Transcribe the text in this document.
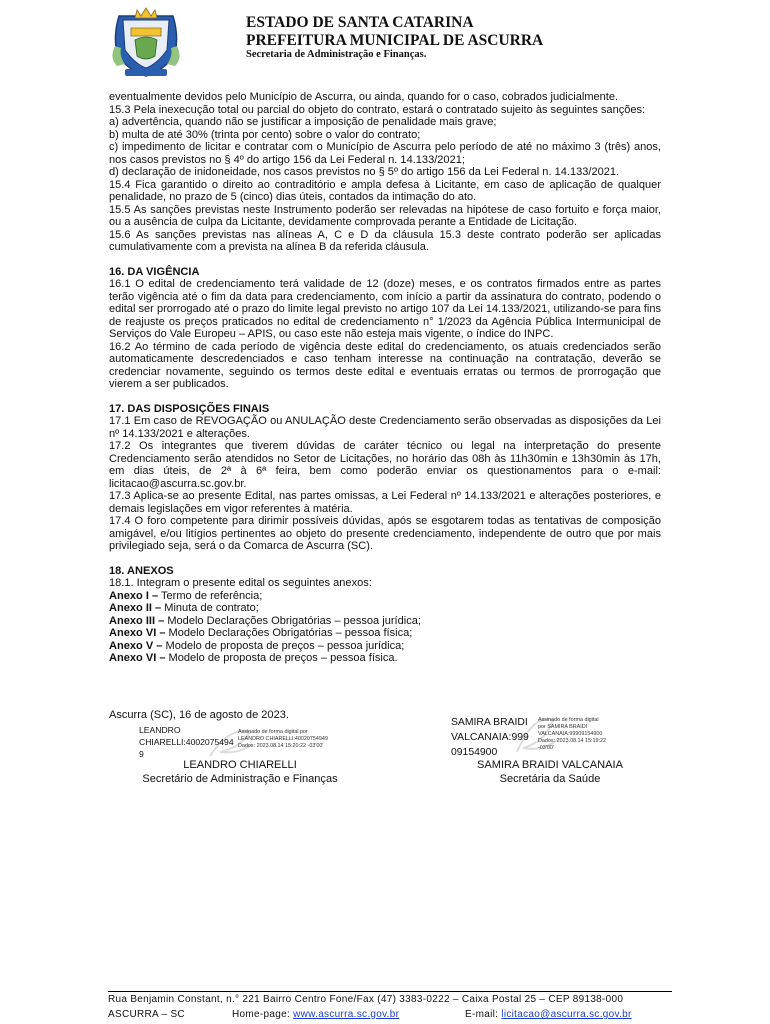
ESTADO DE SANTA CATARINA
PREFEITURA MUNICIPAL DE ASCURRA
Secretaria de Administração e Finanças.

eventualmente devidos pelo Município de Ascurra, ou ainda, quando for o caso, cobrados judicialmente.

15.3 Pela inexecução total ou parcial do objeto do contrato, estará o contratado sujeito às seguintes sanções:

a) advertência, quando não se justificar a imposição de penalidade mais grave;

b) multa de até 30% (trinta por cento) sobre o valor do contrato;

c) impedimento de licitar e contratar com o Município de Ascurra pelo período de até no máximo 3 (três) anos, nos casos previstos no § 4º do artigo 156 da Lei Federal n. 14.133/2021;

d) declaração de inidoneidade, nos casos previstos no § 5º do artigo 156 da Lei Federal n. 14.133/2021.

15.4 Fica garantido o direito ao contraditório e ampla defesa à Licitante, em caso de aplicação de qualquer penalidade, no prazo de 5 (cinco) dias úteis, contados da intimação do ato.

15.5 As sanções previstas neste Instrumento poderão ser relevadas na hipótese de caso fortuito e força maior, ou a ausência de culpa da Licitante, devidamente comprovada perante a Entidade de Licitação.

15.6 As sanções previstas nas alíneas A, C e D da cláusula 15.3 deste contrato poderão ser aplicadas cumulativamente com a prevista na alínea B da referida cláusula.

16. DA VIGÊNCIA

16.1 O edital de credenciamento terá validade de 12 (doze) meses, e os contratos firmados entre as partes terão vigência até o fim da data para credenciamento, com início a partir da assinatura do contrato, podendo o edital ser prorrogado até o prazo do limite legal previsto no artigo 107 da Lei 14.133/2021, utilizando-se para fins de reajuste os preços praticados no edital de credenciamento n° 1/2023 da Agência Pública Intermunicipal de Serviços do Vale Europeu – APIS, ou caso este não esteja mais vigente, o índice do INPC.

16.2 Ao término de cada período de vigência deste edital do credenciamento, os atuais credenciados serão automaticamente descredenciados e caso tenham interesse na continuação na contratação, deverão se credenciar novamente, seguindo os termos deste edital e eventuais erratas ou termos de prorrogação que vierem a ser publicados.

17. DAS DISPOSIÇÕES FINAIS

17.1 Em caso de REVOGAÇÃO ou ANULAÇÃO deste Credenciamento serão observadas as disposições da Lei nº 14.133/2021 e alterações.

17.2 Os integrantes que tiverem dúvidas de caráter técnico ou legal na interpretação do presente Credenciamento serão atendidos no Setor de Licitações, no horário das 08h às 11h30min e 13h30min às 17h, em dias úteis, de 2ª à 6ª feira, bem como poderão enviar os questionamentos para o e-mail: licitacao@ascurra.sc.gov.br.

17.3 Aplica-se ao presente Edital, nas partes omissas, a Lei Federal nº 14.133/2021 e alterações posteriores, e demais legislações em vigor referentes à matéria.

17.4 O foro competente para dirimir possíveis dúvidas, após se esgotarem todas as tentativas de composição amigável, e/ou litígios pertinentes ao objeto do presente credenciamento, independente de outro que por mais privilegiado seja, será o da Comarca de Ascurra (SC).

18. ANEXOS

18.1. Integram o presente edital os seguintes anexos:

Anexo I – Termo de referência;

Anexo II – Minuta de contrato;

Anexo III – Modelo Declarações Obrigatórias – pessoa jurídica;

Anexo VI – Modelo Declarações Obrigatórias – pessoa física;

Anexo V – Modelo de proposta de preços – pessoa jurídica;

Anexo VI – Modelo de proposta de preços – pessoa física.

Ascurra (SC), 16 de agosto de 2023.
LEANDRO
CHIARELLI:4002075494
9
Assinado de forma digital por
LEANDRO CHIARELLI:40020754949
Dados: 2023.08.14 15:20:22 -03'00'
SAMIRA BRAIDI
VALCANAIA:999
09154900
Assinado de forma digital
por SAMIRA BRAIDI
VALCANAIA:99909154900
Dados: 2023.08.14 15:19:22
-03'00'
LEANDRO CHIARELLI
Secretário de Administração e Finanças
SAMIRA BRAIDI VALCANAIA
Secretária da Saúde
Rua Benjamin Constant, n.° 221 Bairro Centro Fone/Fax (47) 3383-0222 – Caixa Postal 25 – CEP 89138-000
ASCURRA – SC	Home-page: www.ascurra.sc.gov.br	E-mail: licitacao@ascurra.sc.gov.br
